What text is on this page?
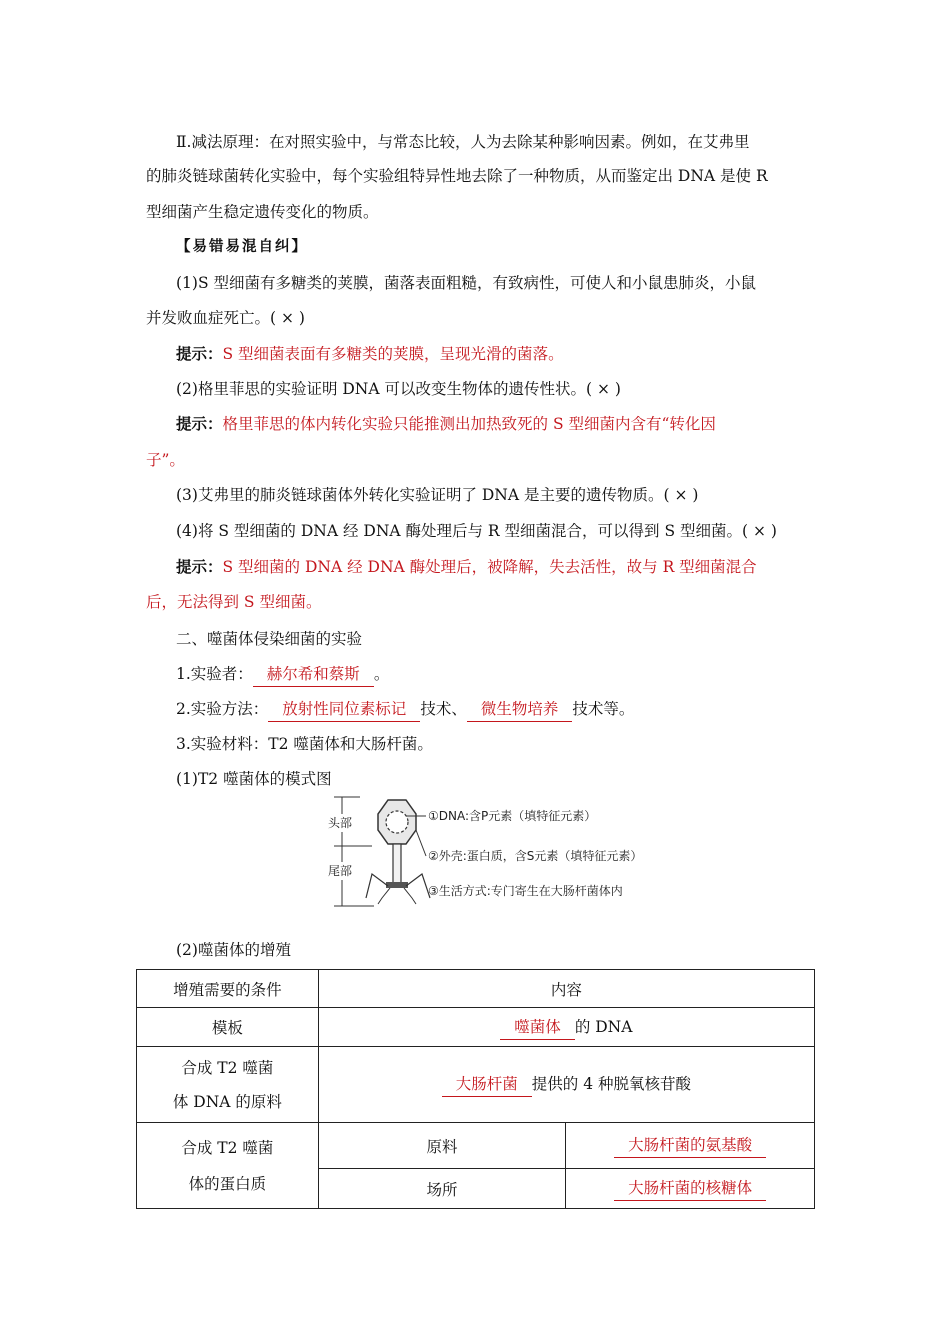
Ⅱ.减法原理：在对照实验中，与常态比较，人为去除某种影响因素。例如，在艾弗里
的肺炎链球菌转化实验中，每个实验组特异性地去除了一种物质，从而鉴定出 DNA 是使 R
型细菌产生稳定遗传变化的物质。
【易错易混自纠】
(1)S 型细菌有多糖类的荚膜，菌落表面粗糙，有致病性，可使人和小鼠患肺炎，小鼠
并发败血症死亡。( × )
提示：S 型细菌表面有多糖类的荚膜，呈现光滑的菌落。
(2)格里菲思的实验证明 DNA 可以改变生物体的遗传性状。( × )
提示：格里菲思的体内转化实验只能推测出加热致死的 S 型细菌内含有“转化因
子”。
(3)艾弗里的肺炎链球菌体外转化实验证明了 DNA 是主要的遗传物质。( × )
(4)将 S 型细菌的 DNA 经 DNA 酶处理后与 R 型细菌混合，可以得到 S 型细菌。( × )
提示：S 型细菌的 DNA 经 DNA 酶处理后，被降解，失去活性，故与 R 型细菌混合
后，无法得到 S 型细菌。
二、噬菌体侵染细菌的实验
1.实验者： 赫尔希和蔡斯 。
2.实验方法： 放射性同位素标记 技术、 微生物培养 技术等。
3.实验材料：T2 噬菌体和大肠杆菌。
(1)T2 噬菌体的模式图
头部
尾部
①DNA:含P元素（填特征元素）
②外壳:蛋白质，含S元素（填特征元素）
③生活方式:专门寄生在大肠杆菌体内
(2)噬菌体的增殖
增殖需要的条件	内容	
模板	噬菌体 的 DNA	

合成 T2 噬菌
体 DNA 的原料	大肠杆菌 提供的 4 种脱氧核苷酸	

合成 T2 噬菌
体的蛋白质	原料	大肠杆菌的氨基酸
	场所	大肠杆菌的核糖体
